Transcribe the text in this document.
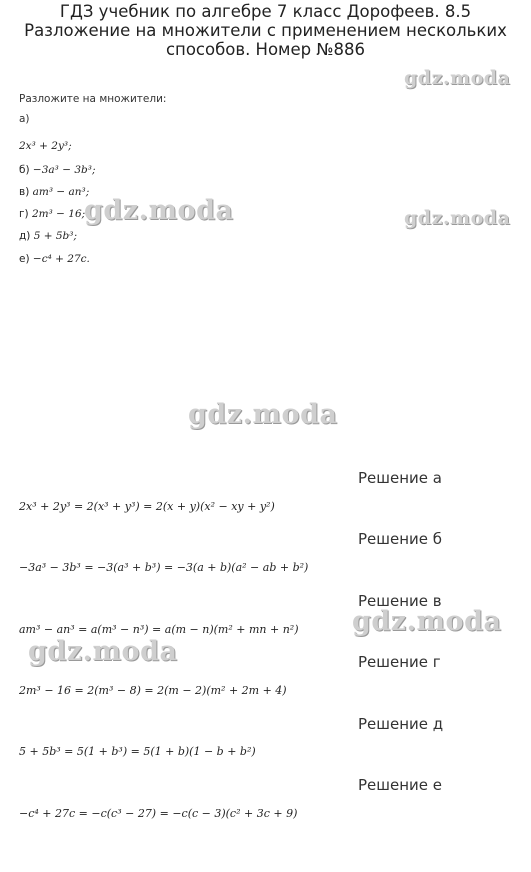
ГДЗ учебник по алгебре 7 класс Дорофеев. 8.5 Разложение на множители с применением нескольких способов. Номер №886
gdz.moda
gdz.moda	gdz.moda
gdz.moda
gdz.moda
gdz.moda
Разложите на множители:
а)
2x³ + 2y³;
б) −3a³ − 3b³;
в) am³ − an³;
г) 2m³ − 16;
д) 5 + 5b³;
е) −c⁴ + 27c.
Решение а
2x³ + 2y³ = 2(x³ + y³) = 2(x + y)(x² − xy + y²)
Решение б
−3a³ − 3b³ = −3(a³ + b³) = −3(a + b)(a² − ab + b²)
Решение в
am³ − an³ = a(m³ − n³) = a(m − n)(m² + mn + n²)
Решение г
2m³ − 16 = 2(m³ − 8) = 2(m − 2)(m² + 2m + 4)
Решение д
5 + 5b³ = 5(1 + b³) = 5(1 + b)(1 − b + b²)
Решение е
−c⁴ + 27c = −c(c³ − 27) = −c(c − 3)(c² + 3c + 9)
